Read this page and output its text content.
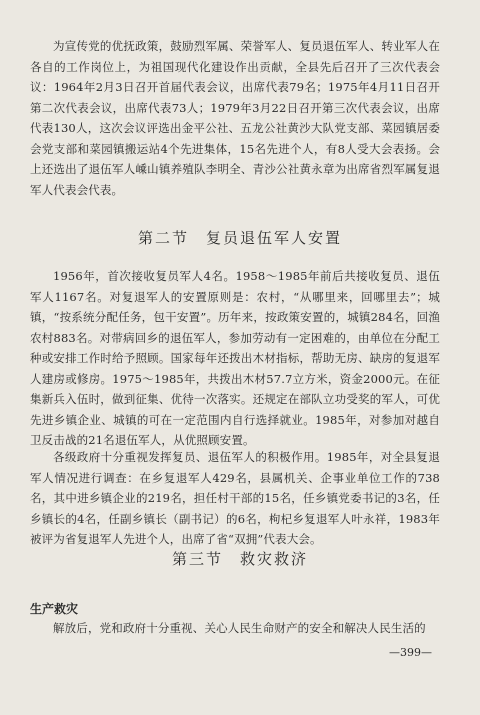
为宣传党的优抚政策，鼓励烈军属、荣誉军人、复员退伍军人、转业军人在各自的工作岗位上，为祖国现代化建设作出贡献，全县先后召开了三次代表会议：1964年2月3日召开首届代表会议，出席代表79名；1975年4月11日召开第二次代表会议，出席代表73人；1979年3月22日召开第三次代表会议，出席代表130人，这次会议评选出金平公社、五龙公社黄沙大队党支部、菜园镇居委会党支部和菜园镇搬运站4个先进集体，15名先进个人，有8人受大会表扬。会上还选出了退伍军人嵊山镇养殖队李明全、青沙公社黄永章为出席省烈军属复退军人代表会代表。

第二节　复员退伍军人安置

1956年，首次接收复员军人4名。1958～1985年前后共接收复员、退伍军人1167名。对复退军人的安置原则是：农村，“从哪里来，回哪里去”；城镇，“按系统分配任务，包干安置”。历年来，按政策安置的，城镇284名，回渔农村883名。对带病回乡的退伍军人，参加劳动有一定困难的，由单位在分配工种或安排工作时给予照顾。国家每年还拨出木材指标，帮助无房、缺房的复退军人建房或修房。1975～1985年，共拨出木材57.7立方米，资金2000元。在征集新兵入伍时，做到征集、优待一次落实。还规定在部队立功受奖的军人，可优先进乡镇企业、城镇的可在一定范围内自行选择就业。1985年，对参加对越自卫反击战的21名退伍军人，从优照顾安置。

各级政府十分重视发挥复员、退伍军人的积极作用。1985年，对全县复退军人情况进行调查：在乡复退军人429名，县属机关、企事业单位工作的738名，其中进乡镇企业的219名，担任村干部的15名，任乡镇党委书记的3名，任乡镇长的4名，任副乡镇长（副书记）的6名，枸杞乡复退军人叶永祥，1983年被评为省复退军人先进个人，出席了省“双拥”代表大会。

第三节　救灾救济
生产救灾

解放后，党和政府十分重视、关心人民生命财产的安全和解决人民生活的

—399—
